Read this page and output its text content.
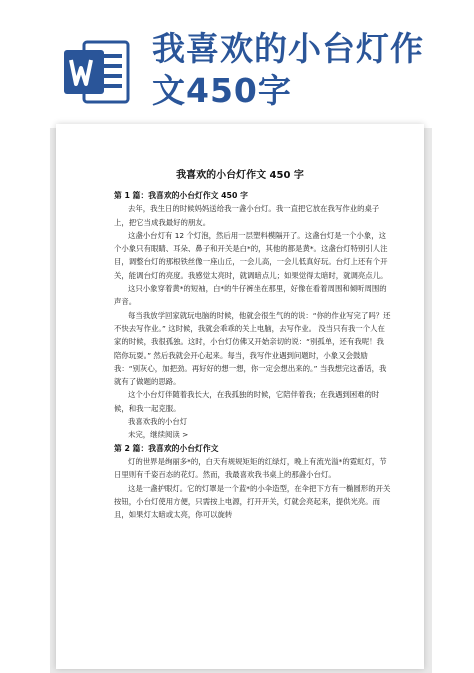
我喜欢的小台灯作文450字
我喜欢的小台灯作文 450 字

第 1 篇：我喜欢的小台灯作文 450 字

去年，我生日的时候妈妈送给我一盏小台灯。我一直把它放在我写作业的桌子上，把它当成我最好的朋友。

这盏小台灯有 12 个灯泡，然后用一层塑料模隔开了。这盏台灯是一个小象，这个小象只有眼睛、耳朵、鼻子和开关是白*的，其他的都是黄*。这盏台灯特别引人注目，调整台灯的那根铁丝像一座山丘，一会儿高，一会儿低真好玩。台灯上还有个开关，能调台灯的亮度。我感觉太亮时，就调暗点儿；如果觉得太暗时，就调亮点儿。

这只小象穿着黄*的短袖，白*的牛仔裤坐在那里，好像在看着周围和倾听周围的声音。

每当我放学回家就玩电脑的时候，他就会很生气的的说：“你的作业写完了吗？还不快去写作业。” 这时候，我就会乖乖的关上电脑，去写作业。 没当只有我一个人在家的时候，我很孤独。这时，小台灯仿佛又开始亲切的说：“别孤单，还有我呢！我陪你玩耍。” 然后我就会开心起来。每当，我写作业遇到问题时，小象又会鼓励我：“别灰心，加把劲。再好好的想一想，你一定会想出来的。” 当我想完这番话，我就有了做题的思路。

这个小台灯伴随着我长大，在我孤独的时候，它陪伴着我；在我遇到困难的时候，和我一起克服。

我喜欢我的小台灯

未完，继续阅读 >

第 2 篇：我喜欢的小台灯作文

灯的世界是绚丽多*的，白天有规规矩矩的红绿灯，晚上有流光溢*的霓虹灯，节日里则有千姿百态的花灯。然而，我最喜欢我书桌上的那盏小台灯。

这是一盏护眼灯。它的灯罩是一个蓝*的小伞造型，在伞把下方有一椭圆形的开关按钮，小台灯使用方便，只需按上电源，打开开关，灯就会亮起来，提供光亮。而且，如果灯太暗或太亮，你可以旋转
